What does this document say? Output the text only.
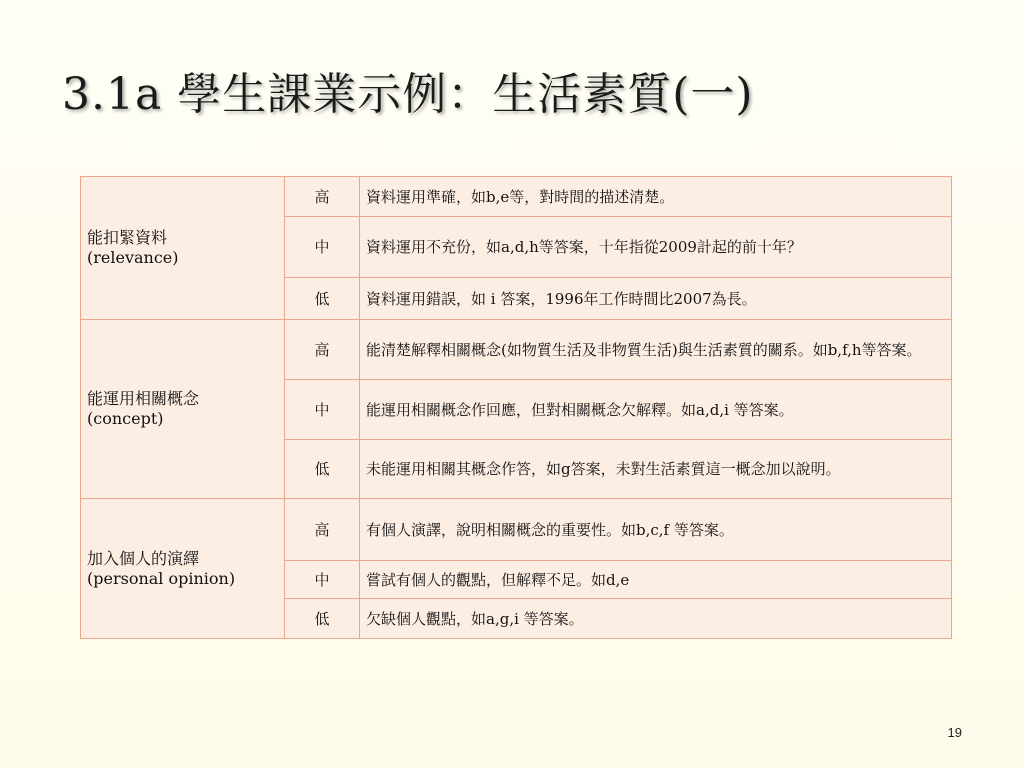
3.1a 學生課業示例：生活素質(一)
能扣緊資料
(relevance)	高	資料運用準確，如b,e等，對時間的描述清楚。
	中	資料運用不充份，如a,d,h等答案，十年指從2009計起的前十年？
	低	資料運用錯誤，如 i 答案，1996年工作時間比2007為長。

能運用相關概念
(concept)	高	能清楚解釋相關概念(如物質生活及非物質生活)與生活素質的關系。如b,f,h等答案。
	中	能運用相關概念作回應，但對相關概念欠解釋。如a,d,i 等答案。
	低	未能運用相關其概念作答，如g答案，未對生活素質這一概念加以說明。

加入個人的演繹
(personal opinion)	高	有個人演譯，說明相關概念的重要性。如b,c,f 等答案。
	中	嘗試有個人的觀點，但解釋不足。如d,e
	低	欠缺個人觀點，如a,g,i 等答案。
19
